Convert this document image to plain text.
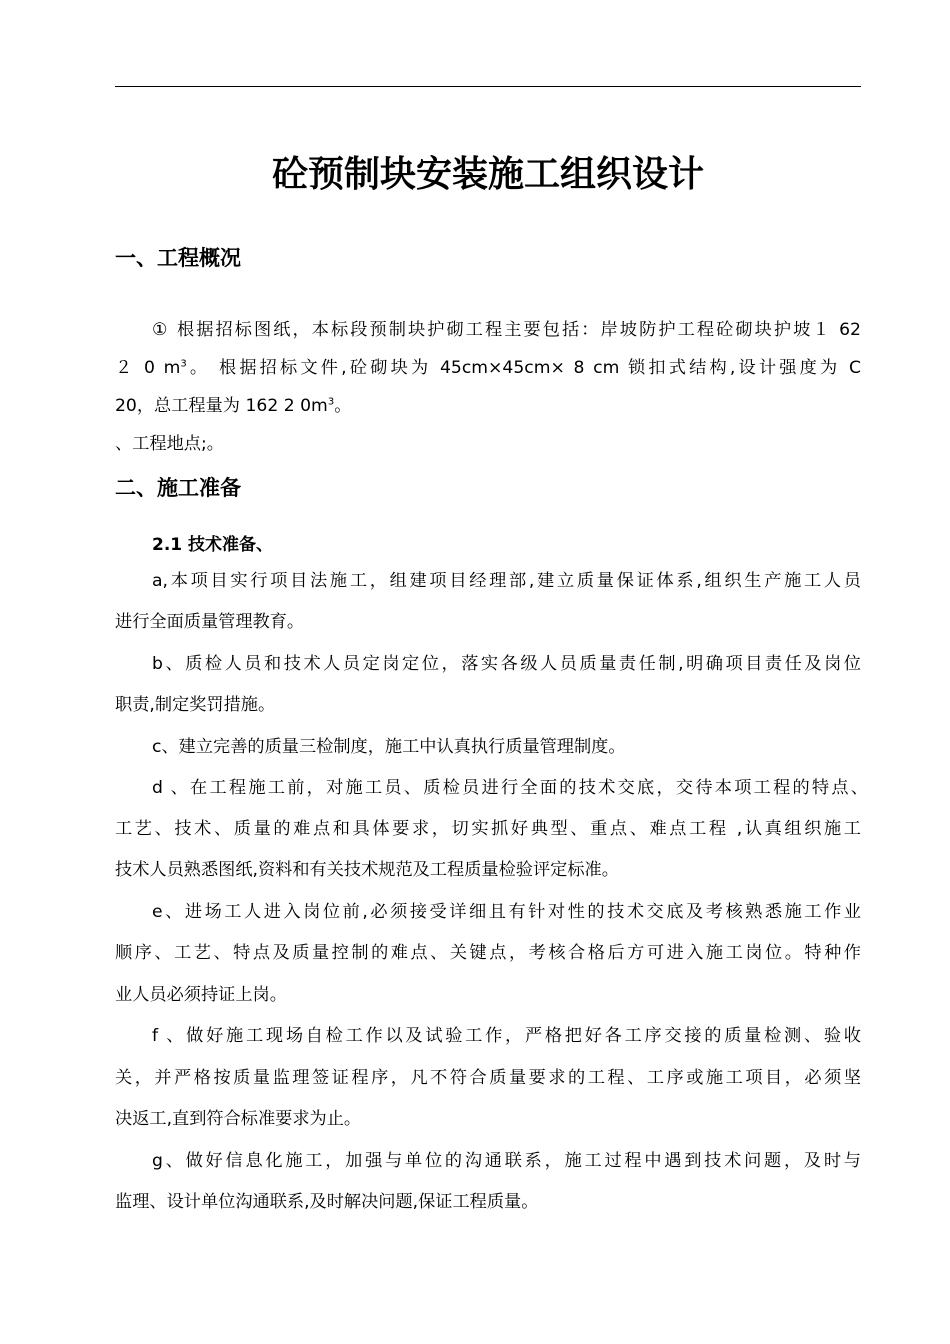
砼预制块安装施工组织设计
一、工程概况

① 根据招标图纸，本标段预制块护砌工程主要包括：岸坡防护工程砼砌块护坡１ 62

２ 0 $m^3$。 根据招标文件,砼砌块为 45cm×45cm× 8 cm 锁扣式结构,设计强度为 C

20，总工程量为 162 2 $0m^3$。

、工程地点;。

二、施工准备
2.1 技术准备、

a,本项目实行项目法施工，组建项目经理部,建立质量保证体系,组织生产施工人员

进行全面质量管理教育。

b、质检人员和技术人员定岗定位，落实各级人员质量责任制,明确项目责任及岗位

职责,制定奖罚措施。

c、建立完善的质量三检制度，施工中认真执行质量管理制度。

d 、在工程施工前，对施工员、质检员进行全面的技术交底，交待本项工程的特点、

工艺、技术、质量的难点和具体要求，切实抓好典型、重点、难点工程 ,认真组织施工

技术人员熟悉图纸,资料和有关技术规范及工程质量检验评定标准。

e、进场工人进入岗位前,必须接受详细且有针对性的技术交底及考核熟悉施工作业

顺序、工艺、特点及质量控制的难点、关键点，考核合格后方可进入施工岗位。特种作

业人员必须持证上岗。

f 、做好施工现场自检工作以及试验工作，严格把好各工序交接的质量检测、验收

关，并严格按质量监理签证程序，凡不符合质量要求的工程、工序或施工项目，必须坚

决返工,直到符合标准要求为止。

g、做好信息化施工，加强与单位的沟通联系，施工过程中遇到技术问题，及时与

监理、设计单位沟通联系,及时解决问题,保证工程质量。
